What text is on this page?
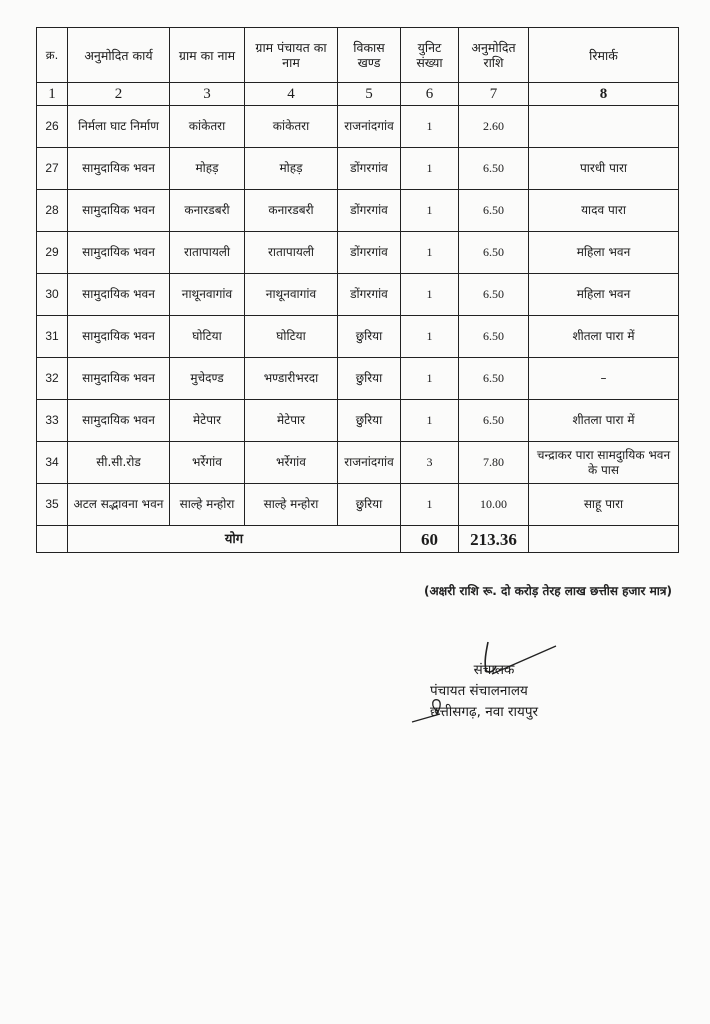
क्र.	अनुमोदित कार्य	ग्राम का नाम	ग्राम पंचायत का नाम	विकास खण्ड	युनिट संख्या	अनुमोदित राशि	रिमार्क
1	2	3	4	5	6	7	8
26	निर्मला घाट निर्माण	कांकेतरा	कांकेतरा	राजनांदगांव	1	2.60	
27	सामुदायिक भवन	मोहड़	मोहड़	डोंगरगांव	1	6.50	पारधी पारा
28	सामुदायिक भवन	कनारडबरी	कनारडबरी	डोंगरगांव	1	6.50	यादव पारा
29	सामुदायिक भवन	रातापायली	रातापायली	डोंगरगांव	1	6.50	महिला भवन
30	सामुदायिक भवन	नाथूनवागांव	नाथूनवागांव	डोंगरगांव	1	6.50	महिला भवन
31	सामुदायिक भवन	घोटिया	घोटिया	छुरिया	1	6.50	शीतला पारा में
32	सामुदायिक भवन	मुचेदण्ड	भण्डारीभरदा	छुरिया	1	6.50	–
33	सामुदायिक भवन	मेटेपार	मेटेपार	छुरिया	1	6.50	शीतला पारा में
34	सी.सी.रोड	भर्रेगांव	भर्रेगांव	राजनांदगांव	3	7.80	चन्द्राकर पारा सामदुायिक भवन के पास
35	अटल सद्भावना भवन	साल्हे मन्होरा	साल्हे मन्होरा	छुरिया	1	10.00	साहू पारा
	योग				60	213.36	
(अक्षरी राशि रू. दो करोड़ तेरह लाख छत्तीस हजार मात्र)
संचालक
पंचायत संचालनालय
छत्तीसगढ़, नवा रायपुर
